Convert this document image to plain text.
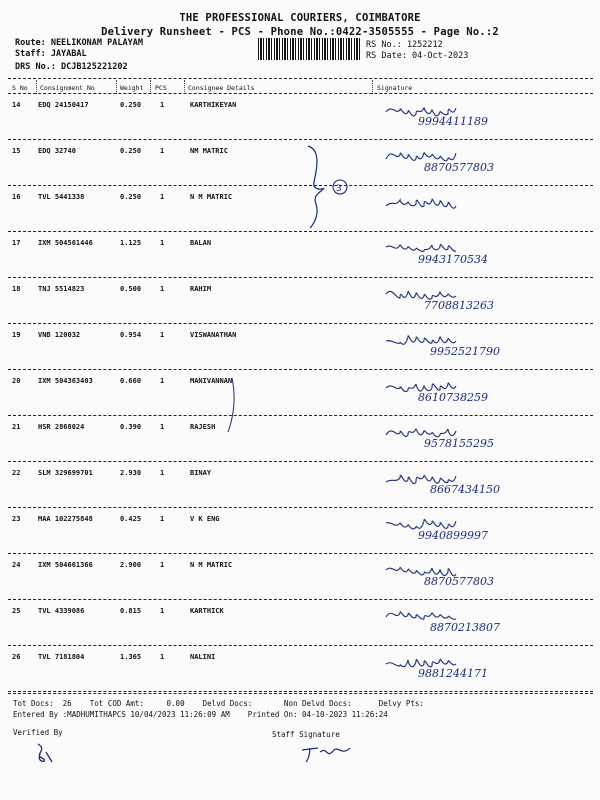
THE PROFESSIONAL COURIERS, COIMBATORE
Delivery Runsheet - PCS - Phone No.:0422-3505555 - Page No.:2
Route: NEELIKONAM PALAYAM
Staff: JAYABAL
DRS No.: DCJB125221202
RS No.: 1252212
RS Date: 04-Oct-2023
S No Consignment No	Weight PCS	Consignee Details	Signature
14	EDQ 24150417	0.250	1	KARTHIKEYAN
9994411189
15	EDQ 32740	0.250	1	NM MATRIC
8870577803
16	TVL 5441338	0.250	1	N M MATRIC
17	IXM 504561446	1.125	1	BALAN
9943170534
18	TNJ 5514823	0.500	1	RAHIM
7708813263
19	VNB 120032	0.954	1	VISWANATHAN
9952521790
20	IXM 504363403	0.660	1	MANIVANNAN
8610738259
21	HSR 2868024	0.390	1	RAJESH
9578155295
22	SLM 329699701	2.930	1	BINAY
8667434150
23	MAA 102275848	0.425	1	V K ENG
9940899997
24	IXM 504661366	2.900	1	N M MATRIC
8870577803
25	TVL 4339086	0.815	1	KARTHICK
8870213807
26	TVL 7181804	1.365	1	NALINI
9881244171
3
Tot Docs:  26    Tot COD Amt:     0.00    Delvd Docs:       Non Delvd Docs:      Delvy Pts:
Entered By :MADHUMITHAPCS 10/04/2023 11:26:09 AM    Printed On: 04-10-2023 11:26:24
Verified By	Staff Signature
